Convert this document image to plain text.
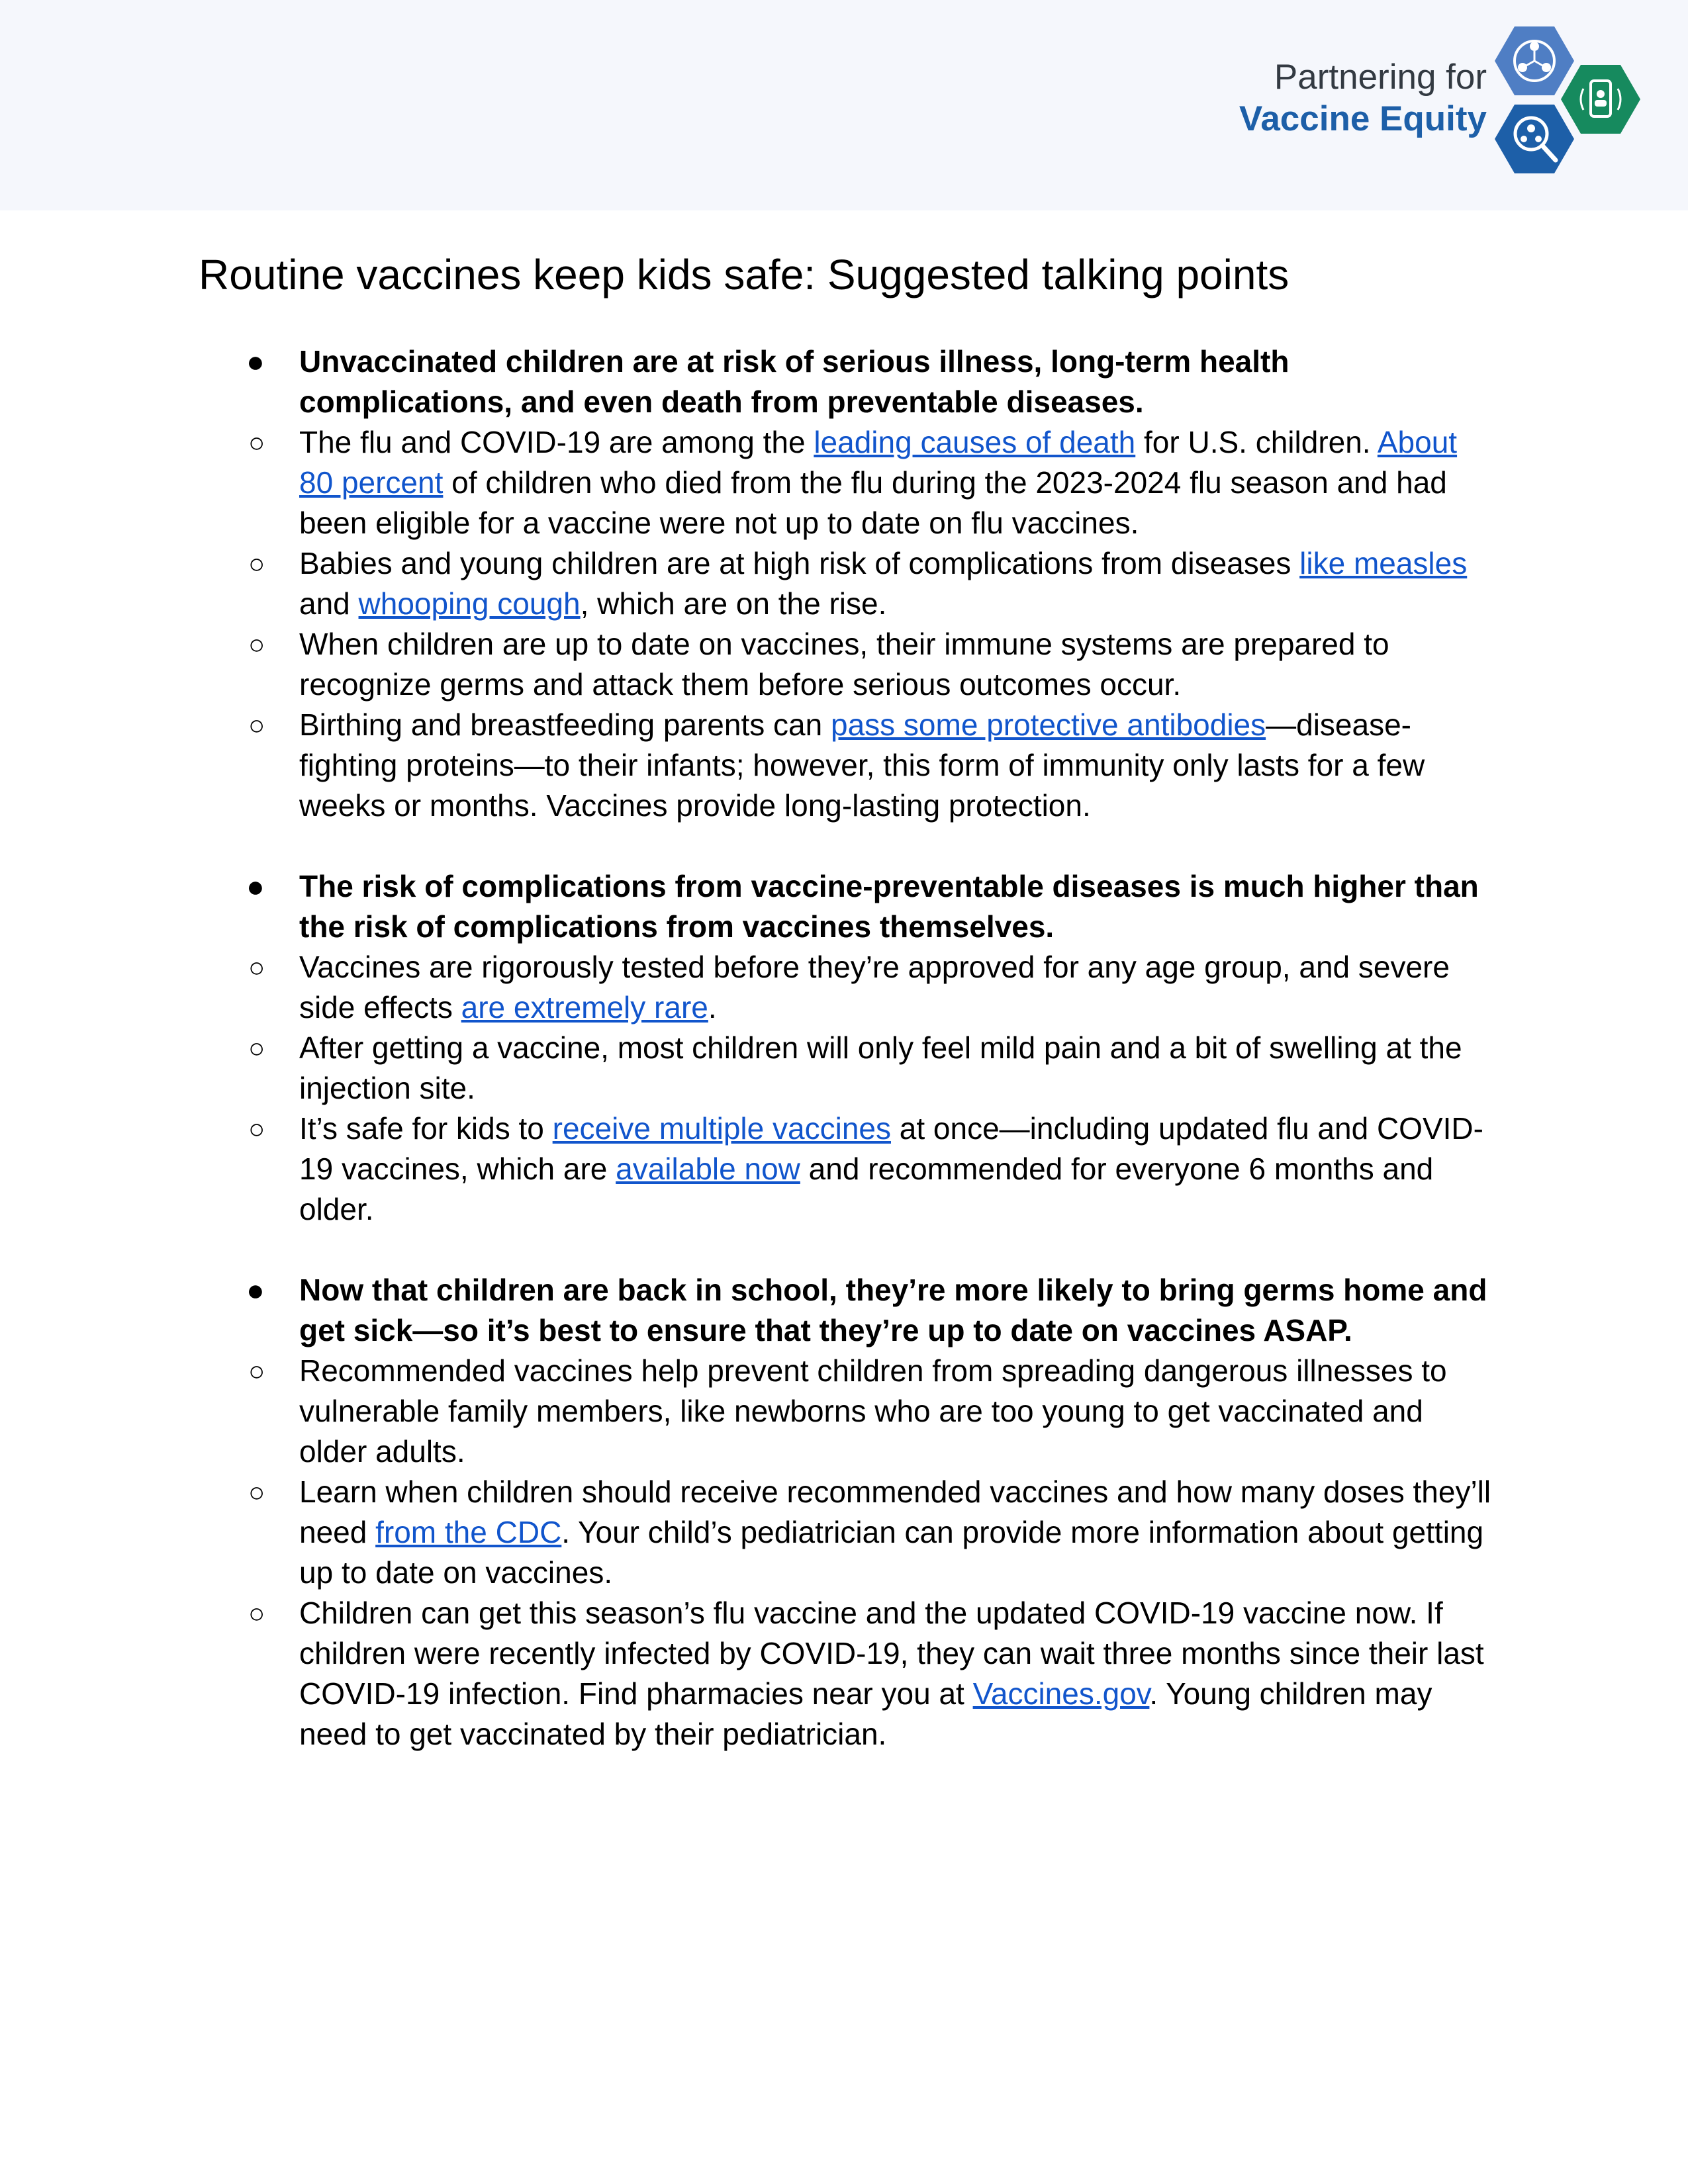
Partnering for
Vaccine Equity
Routine vaccines keep kids safe: Suggested talking points
● Unvaccinated children are at risk of serious illness, long-term health complications, and even death from preventable diseases.

○ The flu and COVID-19 are among the leading causes of death for U.S. children. About 80 percent of children who died from the flu during the 2023-2024 flu season and had been eligible for a vaccine were not up to date on flu vaccines.
○ Babies and young children are at high risk of complications from diseases like measles and whooping cough, which are on the rise.
○ When children are up to date on vaccines, their immune systems are prepared to recognize germs and attack them before serious outcomes occur.
○ Birthing and breastfeeding parents can pass some protective antibodies—disease-fighting proteins—to their infants; however, this form of immunity only lasts for a few weeks or months. Vaccines provide long-lasting protection.
● The risk of complications from vaccine-preventable diseases is much higher than the risk of complications from vaccines themselves.

○ Vaccines are rigorously tested before they’re approved for any age group, and severe side effects are extremely rare.
○ After getting a vaccine, most children will only feel mild pain and a bit of swelling at the injection site.
○ It’s safe for kids to receive multiple vaccines at once—including updated flu and COVID-19 vaccines, which are available now and recommended for everyone 6 months and older.
● Now that children are back in school, they’re more likely to bring germs home and get sick—so it’s best to ensure that they’re up to date on vaccines ASAP.

○ Recommended vaccines help prevent children from spreading dangerous illnesses to vulnerable family members, like newborns who are too young to get vaccinated and older adults.
○ Learn when children should receive recommended vaccines and how many doses they’ll need from the CDC. Your child’s pediatrician can provide more information about getting up to date on vaccines.
○ Children can get this season’s flu vaccine and the updated COVID-19 vaccine now. If children were recently infected by COVID-19, they can wait three months since their last COVID-19 infection. Find pharmacies near you at Vaccines.gov. Young children may need to get vaccinated by their pediatrician.
